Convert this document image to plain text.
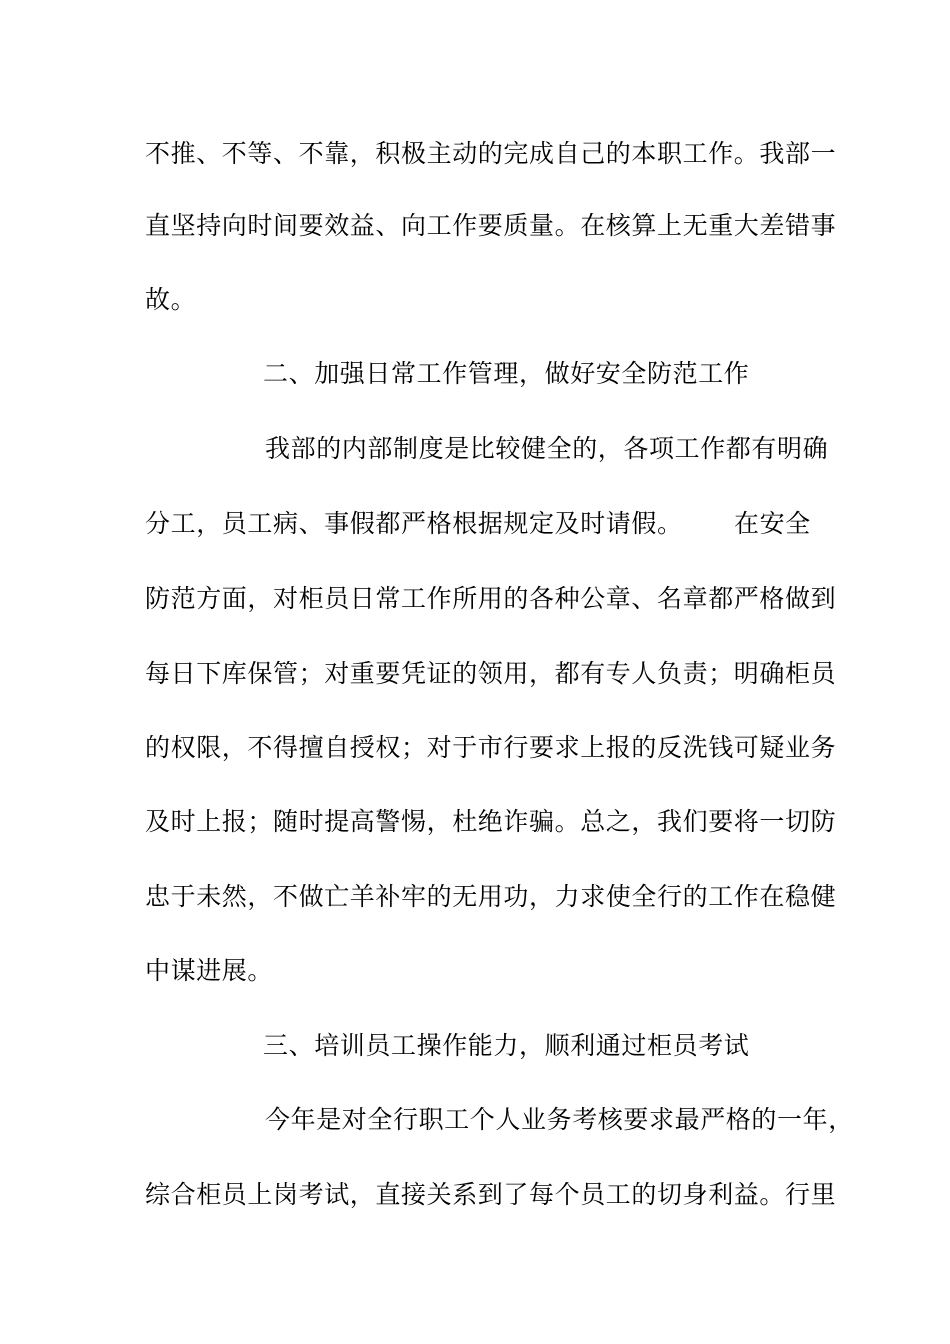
不推、不等、不靠，积极主动的完成自己的本职工作。我部一
直坚持向时间要效益、向工作要质量。在核算上无重大差错事
故。
二、加强日常工作管理，做好安全防范工作
我部的内部制度是比较健全的，各项工作都有明确
分工，员工病、事假都严格根据规定及时请假。	在安全
防范方面，对柜员日常工作所用的各种公章、名章都严格做到
每日下库保管；对重要凭证的领用，都有专人负责；明确柜员
的权限，不得擅自授权；对于市行要求上报的反洗钱可疑业务
及时上报；随时提高警惕，杜绝诈骗。总之，我们要将一切防
忠于未然，不做亡羊补牢的无用功，力求使全行的工作在稳健
中谋进展。
三、培训员工操作能力，顺利通过柜员考试
今年是对全行职工个人业务考核要求最严格的一年，
综合柜员上岗考试，直接关系到了每个员工的切身利益。行里
